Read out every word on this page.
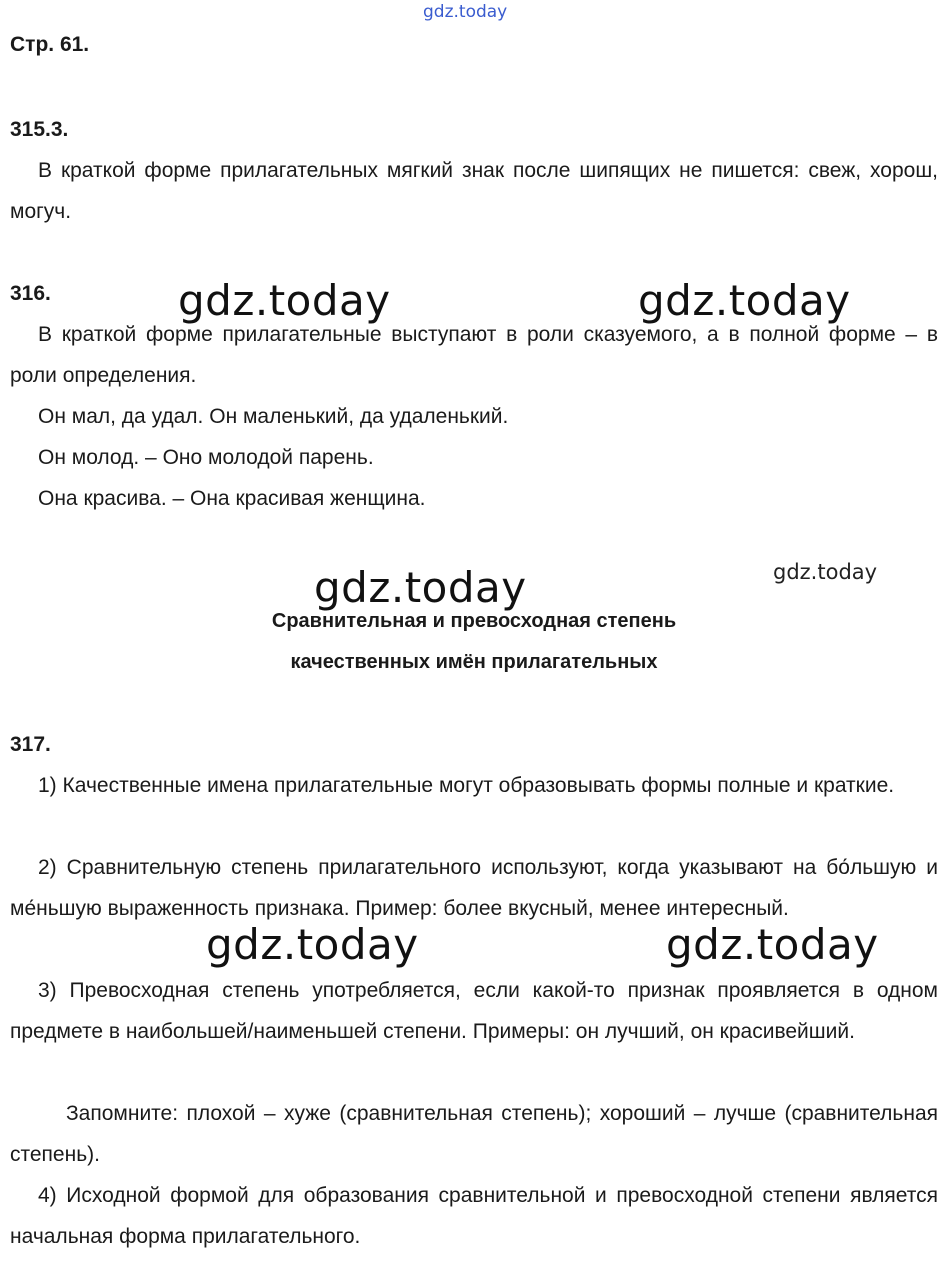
gdz.today
Стр. 61.
315.3.

В краткой форме прилагательных мягкий знак после шипящих не пишется: свеж, хорош, могуч.

316.

В краткой форме прилагательные выступают в роли сказуемого, а в полной форме – в роли определения.

Он мал, да удал. Он маленький, да удаленький.

Он молод. – Оно молодой парень.

Она красива. – Она красивая женщина.

Сравнительная и превосходная степень
качественных имён прилагательных
317.

1) Качественные имена прилагательные могут образовывать формы полные и краткие.

2) Сравнительную степень прилагательного используют, когда указывают на бо́льшую и ме́ньшую выраженность признака. Пример: более вкусный, менее интересный.

3) Превосходная степень употребляется, если какой-то признак проявляется в одном предмете в наибольшей/наименьшей степени. Примеры: он лучший, он красивейший.

Запомните: плохой – хуже (сравнительная степень); хороший – лучше (сравнительная степень).

4) Исходной формой для образования сравнительной и превосходной степени является начальная форма прилагательного.

gdz.today	gdz.today
gdz.today	gdz.today
gdz.today	gdz.today
